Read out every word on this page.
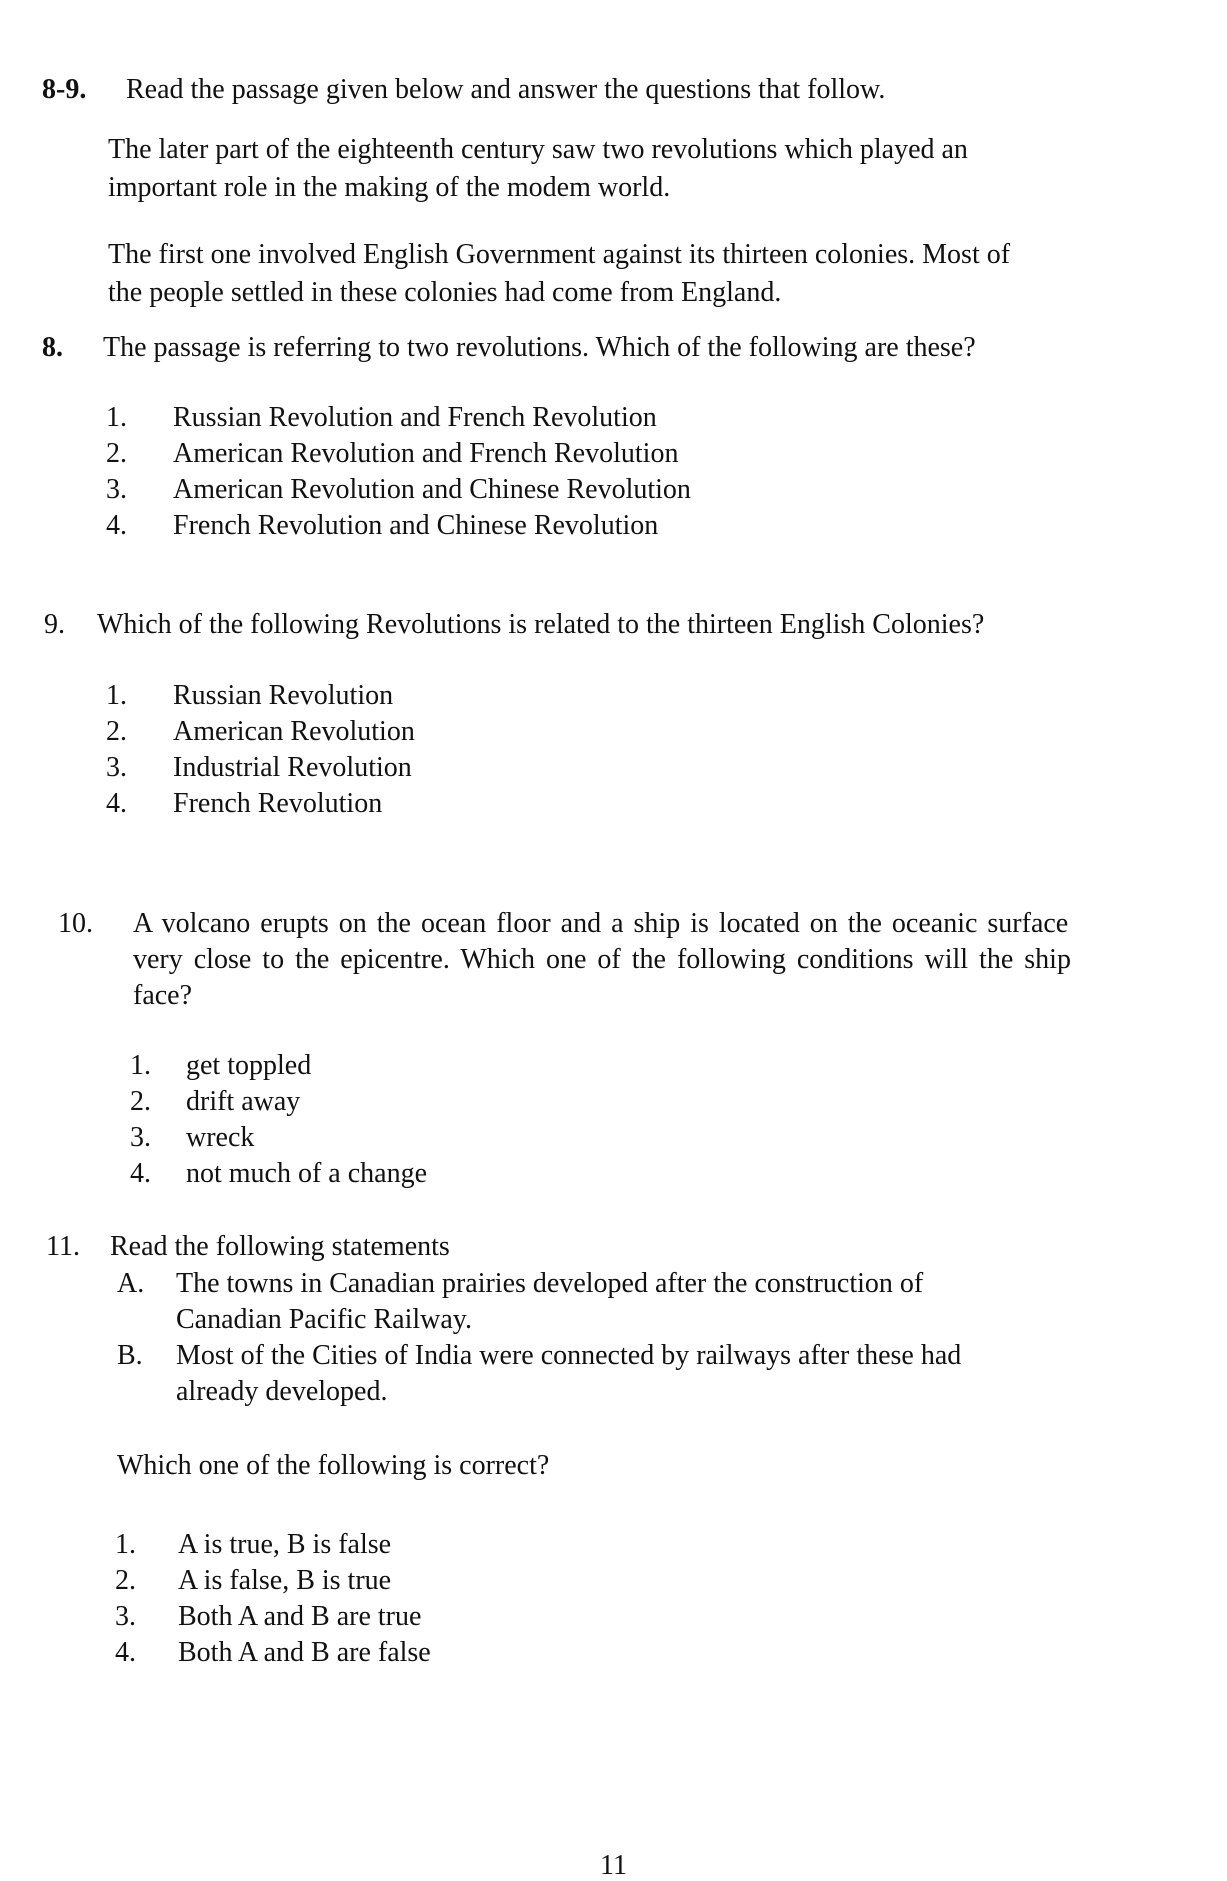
8-9. Read the passage given below and answer the questions that follow.
The later part of the eighteenth century saw two revolutions which played an
important role in the making of the modem world.
The first one involved English Government against its thirteen colonies. Most of
the people settled in these colonies had come from England.
8. The passage is referring to two revolutions. Which of the following are these?
1. Russian Revolution and French Revolution
2. American Revolution and French Revolution
3. American Revolution and Chinese Revolution
4. French Revolution and Chinese Revolution
9. Which of the following Revolutions is related to the thirteen English Colonies?
1. Russian Revolution
2. American Revolution
3. Industrial Revolution
4. French Revolution
10. A volcano erupts on the ocean floor and a ship is located on the oceanic surface
very close to the epicentre. Which one of the following conditions will the ship
face?
1. get toppled
2. drift away
3. wreck
4. not much of a change
11. Read the following statements
A. The towns in Canadian prairies developed after the construction of
Canadian Pacific Railway.
B. Most of the Cities of India were connected by railways after these had
already developed.
Which one of the following is correct?
1. A is true, B is false
2. A is false, B is true
3. Both A and B are true
4. Both A and B are false
11
